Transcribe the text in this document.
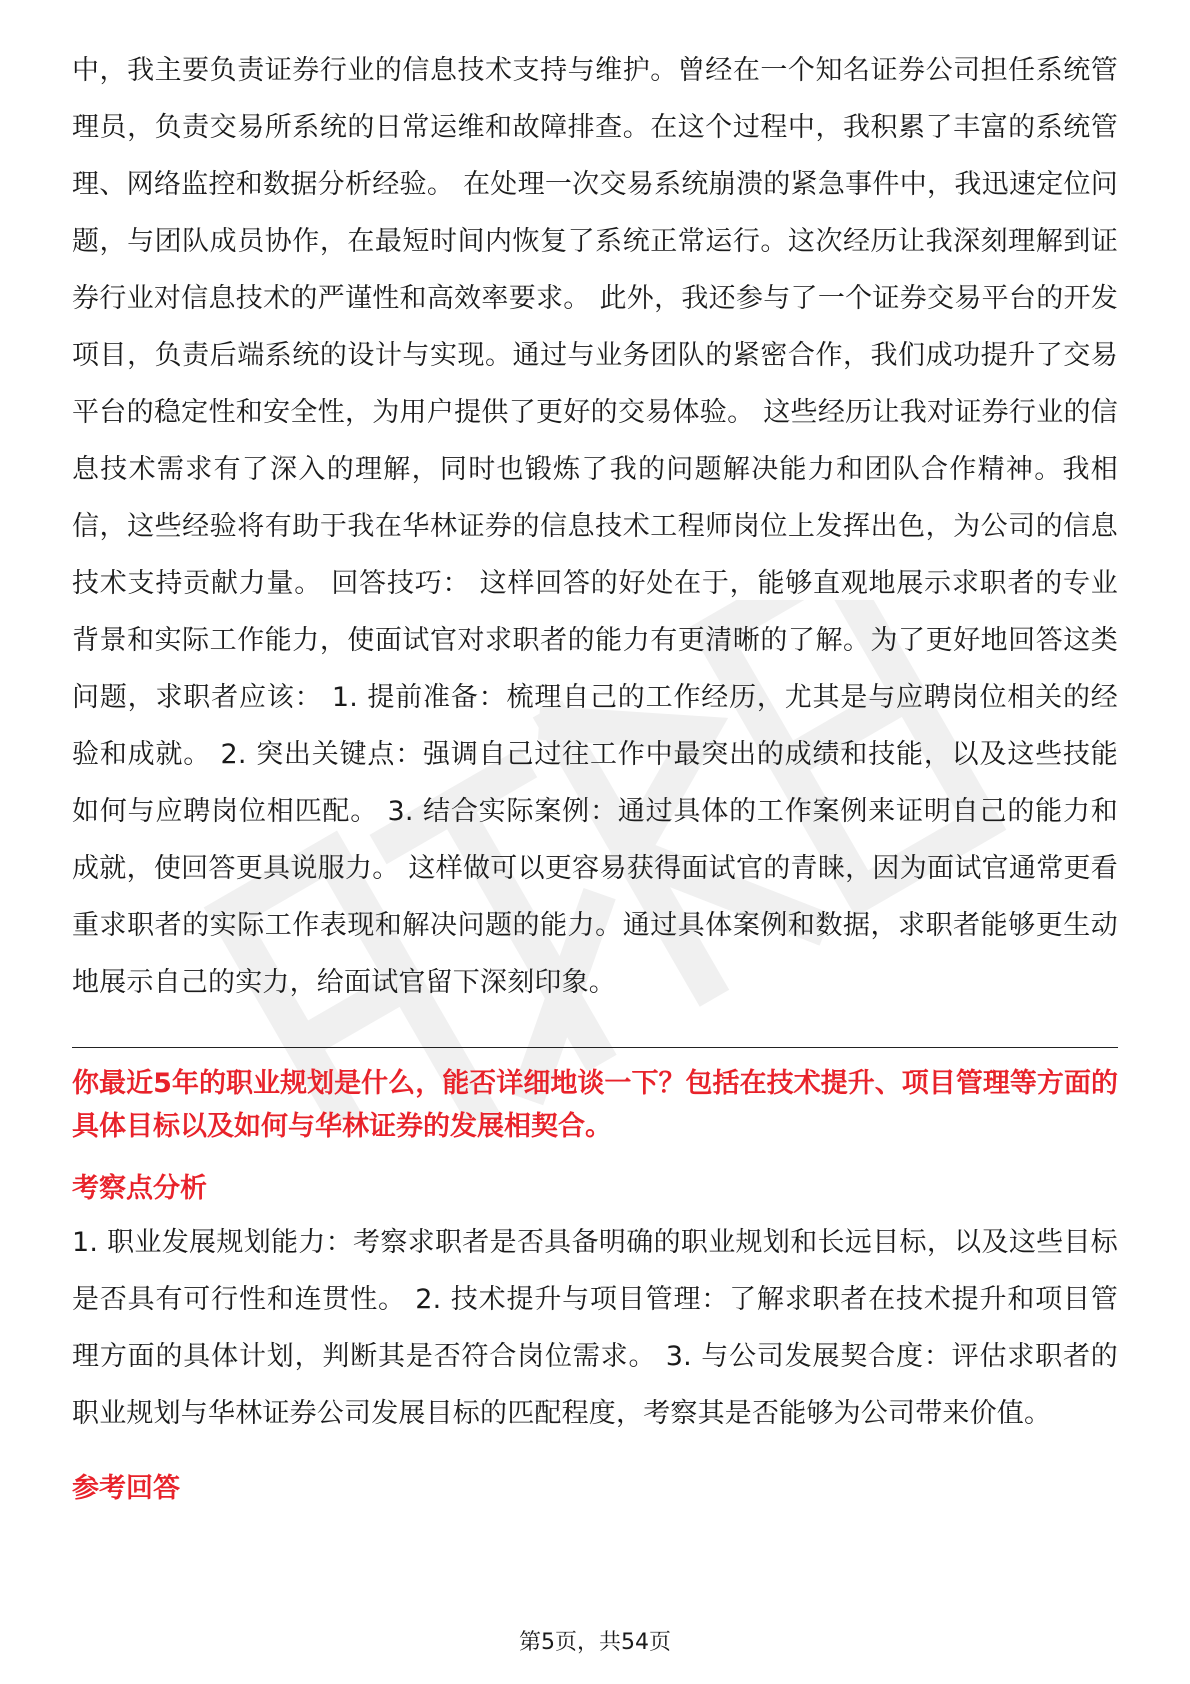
中，我主要负责证券行业的信息技术支持与维护。曾经在一个知名证券公司担任系统管理员，负责交易所系统的日常运维和故障排查。在这个过程中，我积累了丰富的系统管理、网络监控和数据分析经验。 在处理一次交易系统崩溃的紧急事件中，我迅速定位问题，与团队成员协作，在最短时间内恢复了系统正常运行。这次经历让我深刻理解到证券行业对信息技术的严谨性和高效率要求。 此外，我还参与了一个证券交易平台的开发项目，负责后端系统的设计与实现。通过与业务团队的紧密合作，我们成功提升了交易平台的稳定性和安全性，为用户提供了更好的交易体验。 这些经历让我对证券行业的信息技术需求有了深入的理解，同时也锻炼了我的问题解决能力和团队合作精神。我相信，这些经验将有助于我在华林证券的信息技术工程师岗位上发挥出色，为公司的信息技术支持贡献力量。 回答技巧： 这样回答的好处在于，能够直观地展示求职者的专业背景和实际工作能力，使面试官对求职者的能力有更清晰的了解。为了更好地回答这类问题，求职者应该： 1. 提前准备：梳理自己的工作经历，尤其是与应聘岗位相关的经验和成就。 2. 突出关键点：强调自己过往工作中最突出的成绩和技能，以及这些技能如何与应聘岗位相匹配。 3. 结合实际案例：通过具体的工作案例来证明自己的能力和成就，使回答更具说服力。 这样做可以更容易获得面试官的青睐，因为面试官通常更看重求职者的实际工作表现和解决问题的能力。通过具体案例和数据，求职者能够更生动地展示自己的实力，给面试官留下深刻印象。

你最近5年的职业规划是什么，能否详细地谈一下？包括在技术提升、项目管理等方面的具体目标以及如何与华林证券的发展相契合。

考察点分析

1. 职业发展规划能力：考察求职者是否具备明确的职业规划和长远目标，以及这些目标是否具有可行性和连贯性。 2. 技术提升与项目管理：了解求职者在技术提升和项目管理方面的具体计划，判断其是否符合岗位需求。 3. 与公司发展契合度：评估求职者的职业规划与华林证券公司发展目标的匹配程度，考察其是否能够为公司带来价值。

参考回答
第5页，共54页
